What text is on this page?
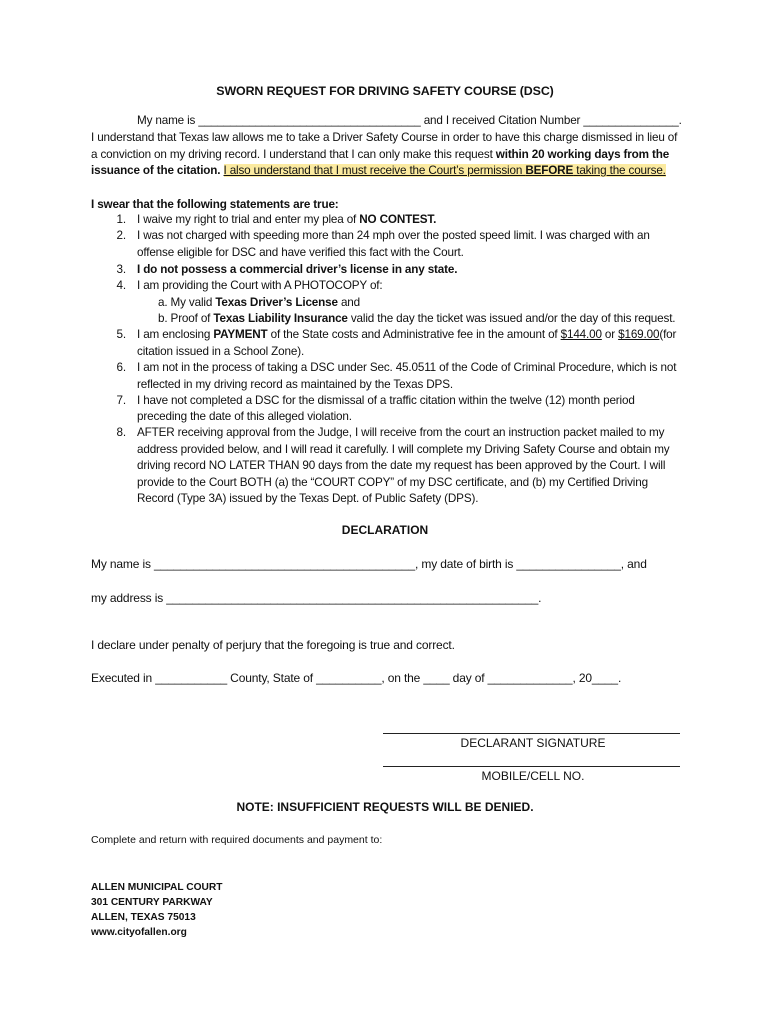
SWORN REQUEST FOR DRIVING SAFETY COURSE (DSC)
My name is ___________________________________ and I received Citation Number _______________.
I understand that Texas law allows me to take a Driver Safety Course in order to have this charge dismissed in lieu of
a conviction on my driving record. I understand that I can only make this request within 20 working days from the
issuance of the citation. I also understand that I must receive the Court’s permission BEFORE taking the course.
I swear that the following statements are true:
1. I waive my right to trial and enter my plea of NO CONTEST.
2. I was not charged with speeding more than 24 mph over the posted speed limit. I was charged with an
offense eligible for DSC and have verified this fact with the Court.
3. I do not possess a commercial driver’s license in any state.
4. I am providing the Court with A PHOTOCOPY of:
a. My valid Texas Driver’s License and
b. Proof of Texas Liability Insurance valid the day the ticket was issued and/or the day of this request.
5. I am enclosing PAYMENT of the State costs and Administrative fee in the amount of $144.00 or $169.00(for
citation issued in a School Zone).
6. I am not in the process of taking a DSC under Sec. 45.0511 of the Code of Criminal Procedure, which is not
reflected in my driving record as maintained by the Texas DPS.
7. I have not completed a DSC for the dismissal of a traffic citation within the twelve (12) month period
preceding the date of this alleged violation.
8. AFTER receiving approval from the Judge, I will receive from the court an instruction packet mailed to my
address provided below, and I will read it carefully. I will complete my Driving Safety Course and obtain my
driving record NO LATER THAN 90 days from the date my request has been approved by the Court. I will
provide to the Court BOTH (a) the “COURT COPY” of my DSC certificate, and (b) my Certified Driving
Record (Type 3A) issued by the Texas Dept. of Public Safety (DPS).
DECLARATION
My name is ________________________________________, my date of birth is ________________, and
my address is _________________________________________________________.
I declare under penalty of perjury that the foregoing is true and correct.
Executed in ___________ County, State of __________, on the ____ day of _____________, 20____.
DECLARANT SIGNATURE
MOBILE/CELL NO.
NOTE: INSUFFICIENT REQUESTS WILL BE DENIED.
Complete and return with required documents and payment to:
ALLEN MUNICIPAL COURT
301 CENTURY PARKWAY
ALLEN, TEXAS 75013
www.cityofallen.org
